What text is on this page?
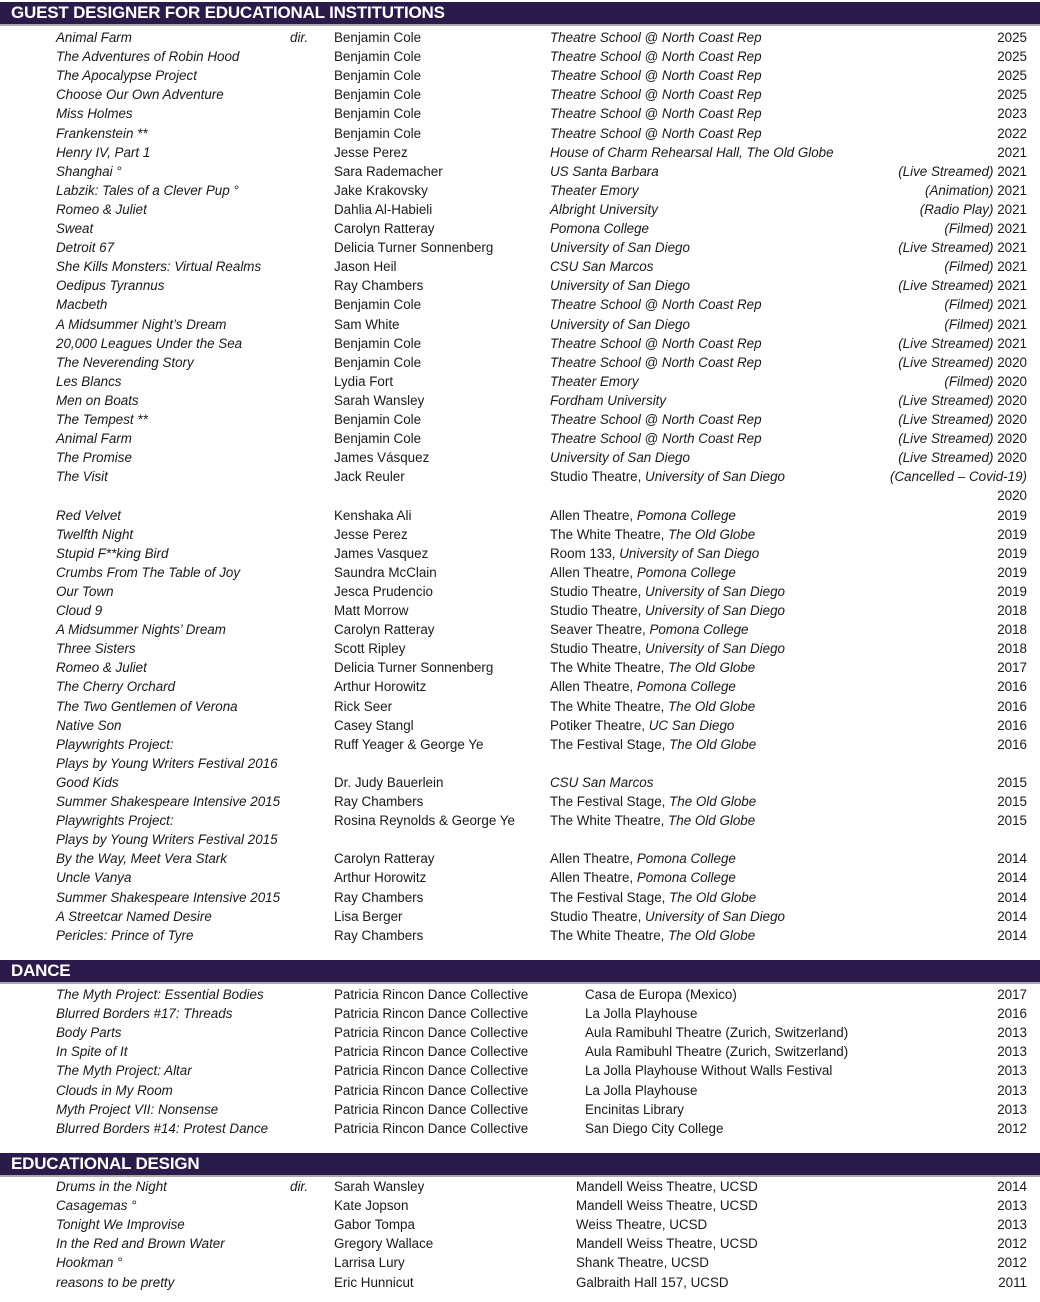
GUEST DESIGNER FOR EDUCATIONAL INSTITUTIONS
Animal Farm	dir. Benjamin Cole	Theatre School @ North Coast Rep	2025
The Adventures of Robin Hood	Benjamin Cole	Theatre School @ North Coast Rep	2025
The Apocalypse Project	Benjamin Cole	Theatre School @ North Coast Rep	2025
Choose Our Own Adventure	Benjamin Cole	Theatre School @ North Coast Rep	2025
Miss Holmes	Benjamin Cole	Theatre School @ North Coast Rep	2023
Frankenstein **	Benjamin Cole	Theatre School @ North Coast Rep	2022
Henry IV, Part 1	Jesse Perez	House of Charm Rehearsal Hall, The Old Globe	2021
Shanghai °	Sara Rademacher	US Santa Barbara	(Live Streamed) 2021
Labzik: Tales of a Clever Pup °	Jake Krakovsky	Theater Emory	(Animation) 2021
Romeo & Juliet	Dahlia Al-Habieli	Albright University	(Radio Play) 2021
Sweat	Carolyn Ratteray	Pomona College	(Filmed) 2021
Detroit 67	Delicia Turner Sonnenberg	University of San Diego	(Live Streamed) 2021
She Kills Monsters: Virtual Realms	Jason Heil	CSU San Marcos	(Filmed) 2021
Oedipus Tyrannus	Ray Chambers	University of San Diego	(Live Streamed) 2021
Macbeth	Benjamin Cole	Theatre School @ North Coast Rep	(Filmed) 2021
A Midsummer Night’s Dream	Sam White	University of San Diego	(Filmed) 2021
20,000 Leagues Under the Sea	Benjamin Cole	Theatre School @ North Coast Rep	(Live Streamed) 2021
The Neverending Story	Benjamin Cole	Theatre School @ North Coast Rep	(Live Streamed) 2020
Les Blancs	Lydia Fort	Theater Emory	(Filmed) 2020
Men on Boats	Sarah Wansley	Fordham University	(Live Streamed) 2020
The Tempest **	Benjamin Cole	Theatre School @ North Coast Rep	(Live Streamed) 2020
Animal Farm	Benjamin Cole	Theatre School @ North Coast Rep	(Live Streamed) 2020
The Promise	James Vásquez	University of San Diego	(Live Streamed) 2020
The Visit	Jack Reuler	Studio Theatre, University of San Diego	(Cancelled – Covid-19)
2020
Red Velvet	Kenshaka Ali	Allen Theatre, Pomona College	2019
Twelfth Night	Jesse Perez	The White Theatre, The Old Globe	2019
Stupid F**king Bird	James Vasquez	Room 133, University of San Diego	2019
Crumbs From The Table of Joy	Saundra McClain	Allen Theatre, Pomona College	2019
Our Town	Jesca Prudencio	Studio Theatre, University of San Diego	2019
Cloud 9	Matt Morrow	Studio Theatre, University of San Diego	2018
A Midsummer Nights’ Dream	Carolyn Ratteray	Seaver Theatre, Pomona College	2018
Three Sisters	Scott Ripley	Studio Theatre, University of San Diego	2018
Romeo & Juliet	Delicia Turner Sonnenberg	The White Theatre, The Old Globe	2017
The Cherry Orchard	Arthur Horowitz	Allen Theatre, Pomona College	2016
The Two Gentlemen of Verona	Rick Seer	The White Theatre, The Old Globe	2016
Native Son	Casey Stangl	Potiker Theatre, UC San Diego	2016
Playwrights Project:	Ruff Yeager & George Ye	The Festival Stage, The Old Globe	2016
Plays by Young Writers Festival 2016
Good Kids	Dr. Judy Bauerlein	CSU San Marcos	2015
Summer Shakespeare Intensive 2015	Ray Chambers	The Festival Stage, The Old Globe	2015
Playwrights Project:	Rosina Reynolds & George Ye	The White Theatre, The Old Globe	2015
Plays by Young Writers Festival 2015
By the Way, Meet Vera Stark	Carolyn Ratteray	Allen Theatre, Pomona College	2014
Uncle Vanya	Arthur Horowitz	Allen Theatre, Pomona College	2014
Summer Shakespeare Intensive 2015	Ray Chambers	The Festival Stage, The Old Globe	2014
A Streetcar Named Desire	Lisa Berger	Studio Theatre, University of San Diego	2014
Pericles: Prince of Tyre	Ray Chambers	The White Theatre, The Old Globe	2014
DANCE
The Myth Project: Essential Bodies	Patricia Rincon Dance Collective	Casa de Europa (Mexico)	2017
Blurred Borders #17: Threads	Patricia Rincon Dance Collective	La Jolla Playhouse	2016
Body Parts	Patricia Rincon Dance Collective	Aula Ramibuhl Theatre (Zurich, Switzerland)	2013
In Spite of It	Patricia Rincon Dance Collective	Aula Ramibuhl Theatre (Zurich, Switzerland)	2013
The Myth Project: Altar	Patricia Rincon Dance Collective	La Jolla Playhouse Without Walls Festival	2013
Clouds in My Room	Patricia Rincon Dance Collective	La Jolla Playhouse	2013
Myth Project VII: Nonsense	Patricia Rincon Dance Collective	Encinitas Library	2013
Blurred Borders #14: Protest Dance	Patricia Rincon Dance Collective	San Diego City College	2012
EDUCATIONAL DESIGN
Drums in the Night	dir. Sarah Wansley	Mandell Weiss Theatre, UCSD	2014
Casagemas °	Kate Jopson	Mandell Weiss Theatre, UCSD	2013
Tonight We Improvise	Gabor Tompa	Weiss Theatre, UCSD	2013
In the Red and Brown Water	Gregory Wallace	Mandell Weiss Theatre, UCSD	2012
Hookman °	Larrisa Lury	Shank Theatre, UCSD	2012
reasons to be pretty	Eric Hunnicut	Galbraith Hall 157, UCSD	2011
